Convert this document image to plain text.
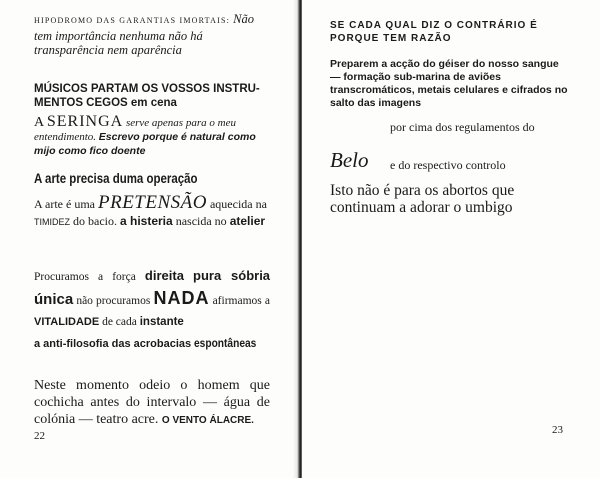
HIPODROMO DAS GARANTIAS IMORTAIS: Não tem importância nenhuma não há transparência nem aparência

MÚSICOS PARTAM OS VOSSOS INSTRU-
MENTOS CEGOS em cena

A SERINGA serve apenas para o meu entendimento. Escrevo porque é natural como mijo como fico doente

A arte precisa duma operação

A arte é uma PRETENSÃO aquecida na TIMIDEZ do bacio. a histeria nascida no atelier

Procuramos a força direita pura sóbria única não procuramos NADA afirmamos a VITALIDADE de cada instante

a anti-filosofia das acrobacias espontâneas

Neste momento odeio o homem que cochicha antes do intervalo — água de colónia — teatro acre. O VENTO ÁLACRE.

22
SE CADA QUAL DIZ O CONTRÁRIO É
PORQUE TEM RAZÃO

Preparem a acção do géiser do nosso sangue — formação sub-marina de aviões transcromáticos, metais celulares e cifrados no salto das imagens

por cima dos regulamentos do
Belo e do respectivo controlo

Isto não é para os abortos que continuam a adorar o umbigo

23
